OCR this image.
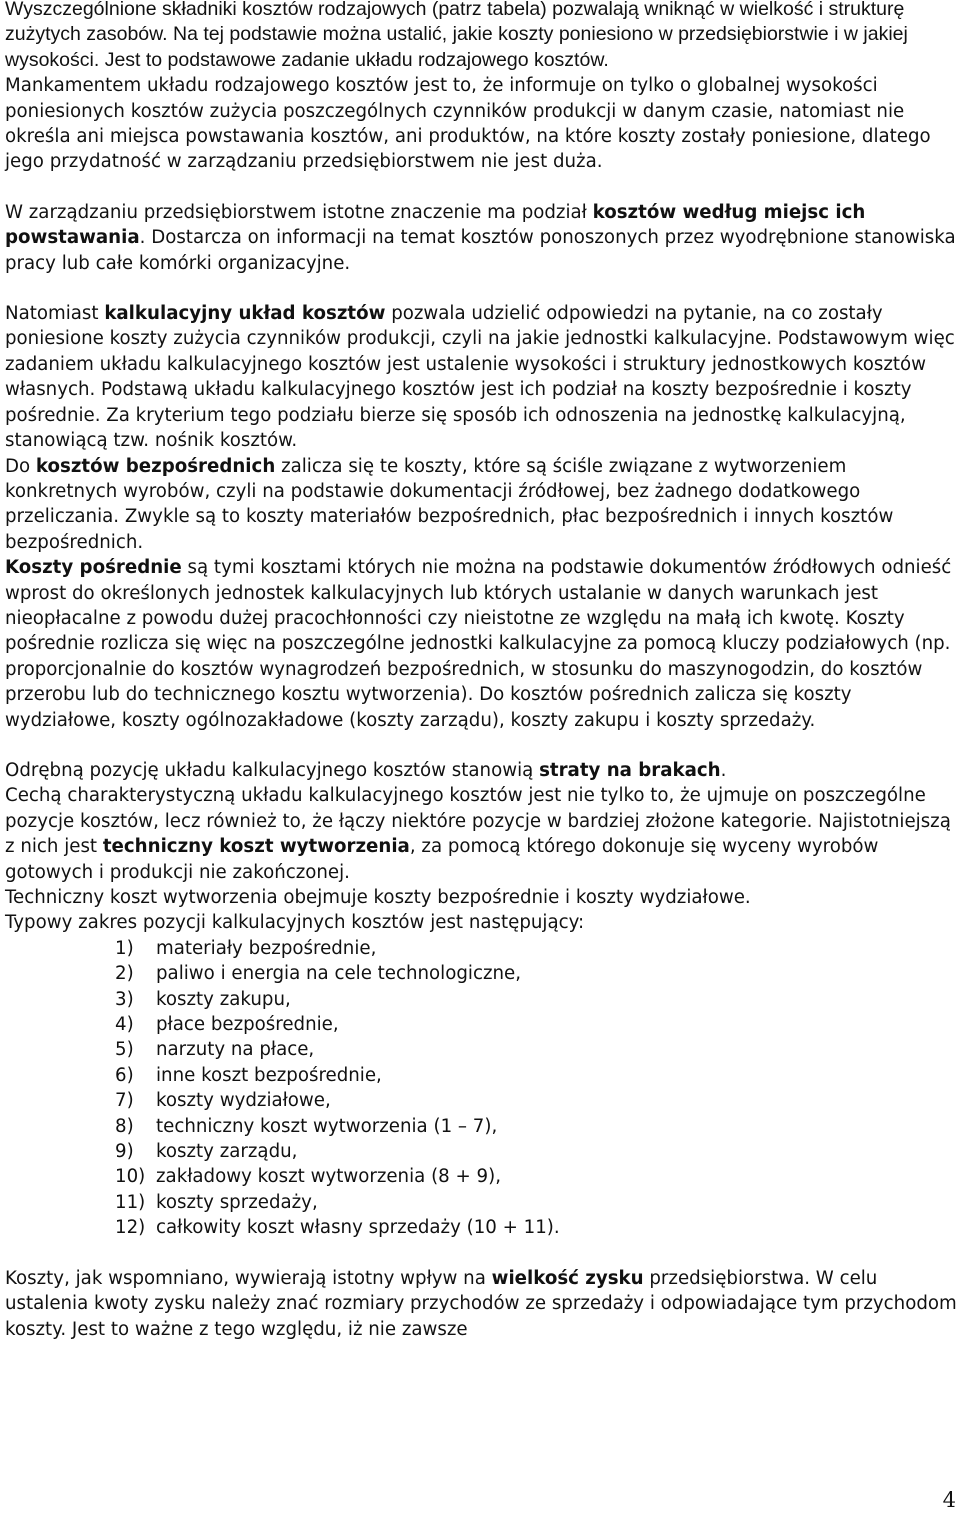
Wyszczególnione składniki kosztów rodzajowych (patrz tabela) pozwalają wniknąć w wielkość i strukturę zużytych zasobów. Na tej podstawie można ustalić, jakie koszty poniesiono w przedsiębiorstwie i w jakiej wysokości. Jest to podstawowe zadanie układu rodzajowego kosztów.

Mankamentem układu rodzajowego kosztów jest to, że informuje on tylko o globalnej wysokości poniesionych kosztów zużycia poszczególnych czynników produkcji w danym czasie, natomiast nie określa ani miejsca powstawania kosztów, ani produktów, na które koszty zostały poniesione, dlatego jego przydatność w zarządzaniu przedsiębiorstwem nie jest duża.

W zarządzaniu przedsiębiorstwem istotne znaczenie ma podział kosztów według miejsc ich powstawania. Dostarcza on informacji na temat kosztów ponoszonych przez wyodrębnione stanowiska pracy lub całe komórki organizacyjne.

Natomiast kalkulacyjny układ kosztów pozwala udzielić odpowiedzi na pytanie, na co zostały poniesione koszty zużycia czynników produkcji, czyli na jakie jednostki kalkulacyjne. Podstawowym więc zadaniem układu kalkulacyjnego kosztów jest ustalenie wysokości i struktury jednostkowych kosztów własnych. Podstawą układu kalkulacyjnego kosztów jest ich podział na koszty bezpośrednie i koszty pośrednie. Za kryterium tego podziału bierze się sposób ich odnoszenia na jednostkę kalkulacyjną, stanowiącą tzw. nośnik kosztów.

Do kosztów bezpośrednich zalicza się te koszty, które są ściśle związane z wytworzeniem konkretnych wyrobów, czyli na podstawie dokumentacji źródłowej, bez żadnego dodatkowego przeliczania. Zwykle są to koszty materiałów bezpośrednich, płac bezpośrednich i innych kosztów bezpośrednich.

Koszty pośrednie są tymi kosztami których nie można na podstawie dokumentów źródłowych odnieść wprost do określonych jednostek kalkulacyjnych lub których ustalanie w danych warunkach jest nieopłacalne z powodu dużej pracochłonności czy nieistotne ze względu na małą ich kwotę. Koszty pośrednie rozlicza się więc na poszczególne jednostki kalkulacyjne za pomocą kluczy podziałowych (np. proporcjonalnie do kosztów wynagrodzeń bezpośrednich, w stosunku do maszynogodzin, do kosztów przerobu lub do technicznego kosztu wytworzenia). Do kosztów pośrednich zalicza się koszty wydziałowe, koszty ogólnozakładowe (koszty zarządu), koszty zakupu i koszty sprzedaży.

Odrębną pozycję układu kalkulacyjnego kosztów stanowią straty na brakach.

Cechą charakterystyczną układu kalkulacyjnego kosztów jest nie tylko to, że ujmuje on poszczególne pozycje kosztów, lecz również to, że łączy niektóre pozycje w bardziej złożone kategorie. Najistotniejszą z nich jest techniczny koszt wytworzenia, za pomocą którego dokonuje się wyceny wyrobów gotowych i produkcji nie zakończonej.

Techniczny koszt wytworzenia obejmuje koszty bezpośrednie i koszty wydziałowe.

Typowy zakres pozycji kalkulacyjnych kosztów jest następujący:

1)	materiały bezpośrednie,
2)	paliwo i energia na cele technologiczne,
3)	koszty zakupu,
4)	płace bezpośrednie,
5)	narzuty na płace,
6)	inne koszt bezpośrednie,
7)	koszty wydziałowe,
8)	techniczny koszt wytworzenia (1 – 7),
9)	koszty zarządu,
10) zakładowy koszt wytworzenia (8 + 9),
11) koszty sprzedaży,
12) całkowity koszt własny sprzedaży (10 + 11).

Koszty, jak wspomniano, wywierają istotny wpływ na wielkość zysku przedsiębiorstwa. W celu ustalenia kwoty zysku należy znać rozmiary przychodów ze sprzedaży i odpowiadające tym przychodom koszty. Jest to ważne z tego względu, iż nie zawsze

4
